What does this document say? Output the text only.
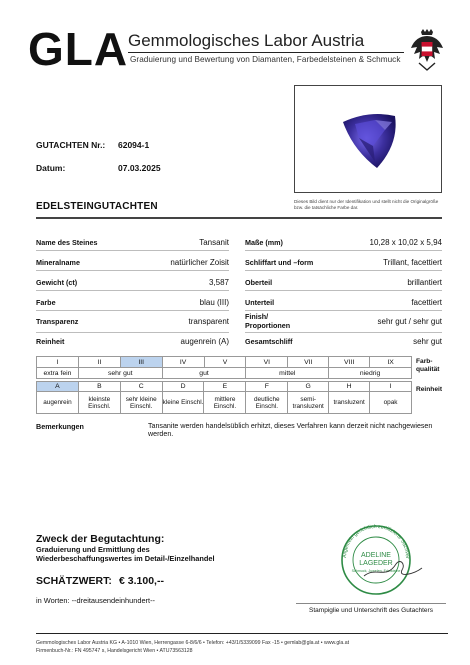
GLA Gemmologisches Labor Austria
Graduierung und Bewertung von Diamanten, Farbedelsteinen & Schmuck
Dieses Bild dient nur der Identifikation und stellt nicht die Originalgröße bzw. die tatsächliche Farbe dar.
GUTACHTEN Nr.: 62094-1
Datum:	07.03.2025
EDELSTEINGUTACHTEN
Name des Steines	Tansanit
Mineralname	natürlicher Zoisit
Gewicht (ct)	3,587
Farbe	blau (III)
Transparenz	transparent
Reinheit	augenrein (A)
Maße (mm)	10,28 x 10,02 x 5,94
Schliffart und –form	Trillant, facettiert
Oberteil	brillantiert
Unterteil	facettiert
Finish/ Proportionen	sehr gut / sehr gut
Gesamtschliff	sehr gut
I	II	III	IV	V	VI	VII	VIII	IX
extra fein	sehr gut		gut		mittel		niedrig	
Farb-qualität
A	B	C	D	E	F	G	H	I
augenrein	kleinste Einschl.	sehr kleine Einschl.	kleine Einschl.	mittlere Einschl.	deutliche Einschl.	semi-transluzent	transluzent	opak
Reinheit
Bemerkungen	Tansanite werden handelsüblich erhitzt, dieses Verfahren kann derzeit nicht nachgewiesen werden.
Zweck der Begutachtung:
Graduierung und Ermittlung des
Wiederbeschaffungswertes im Detail-/Einzelhandel
SCHÄTZWERT: € 3.100,--
in Worten: --dreitausendeinhundert--
Allgemein gerichtlich zertifizierte Sachver
ADELINE
LAGEDER
Schmuck, Juwelen, Edelsteine
Stampiglie und Unterschrift des Gutachters
Gemmologisches Labor Austria KG • A-1010 Wien, Herrengasse 6-8/6/6 • Telefon: +43/1/5339099 Fax -15 • gemlab@gla.at • www.gla.at
Firmenbuch-Nr.: FN 495747 s, Handelsgericht Wien • ATU73563128
